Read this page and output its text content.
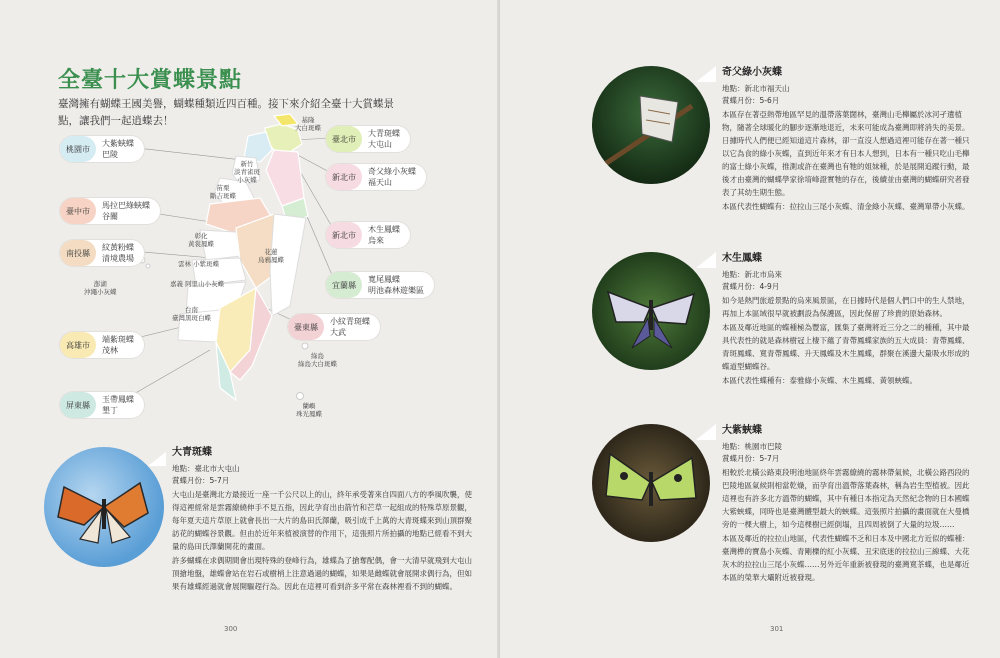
全臺十大賞蝶景點
臺灣擁有蝴蝶王國美譽，蝴蝶種類近四百種。接下來介紹全臺十大賞蝶景點，讓我們一起逍蝶去！	基隆
大白斑蝶
新竹
淡青雀斑
小灰蝶
苗栗
斷吉斑蝶
彰化
黃裳鳳蝶
雲林 小紫斑蝶
花蓮
烏鴉鳳蝶
嘉義 阿里山小灰蝶
台南
臺灣黑斑白蝶
澎湖
沖繩小灰蝶
綠島
綠島大白斑蝶
蘭嶼
珠光鳳蝶
桃園市
大紫蛺蝶
巴陵
臺中市
馬拉巴綠蛺蝶
谷關
南投縣
紋黃粉蝶
清境農場
高雄市
端紫斑蝶
茂林
屏東縣
玉帶鳳蝶
墾丁
臺北市
大青斑蝶
大屯山
新北市
奇父綠小灰蝶
福天山
新北市
木生鳳蝶
烏來
宜蘭縣
寬尾鳳蝶
明池森林遊樂區
臺東縣
小紋青斑蝶
大武
大青斑蝶
地點：臺北市大屯山
賞蝶月份：5-7月

大屯山是臺灣北方最接近一座一千公尺以上的山，終年承受著來自四面八方的季風吹襲，使得這裡經常是雲霧繚繞伸手不見五指，因此孕育出由箭竹和芒草一起組成的特殊草原景觀，每年夏天這片草原上就會長出一大片的島田氏澤蘭，吸引成千上萬的大青斑蝶來到山頂群聚訪花的蝴蝶谷景觀。但由於近年來植被演替的作用下，這張照片所拍攝的地點已經看不到大量的島田氏澤蘭開花的畫面。

許多蝴蝶在求偶期間會出現特殊的登峰行為，雄蝶為了搶奪配偶，會一大清早就飛到大屯山頂搶地盤，雄蝶會站在岩石或樹梢上注意過過的蝴蝶，如果是雌蝶就會展開求偶行為，但如果有雄蝶經過就會展開驅趕行為。因此在這裡可看到許多平常在森林裡看不到的蝴蝶。

300
奇父綠小灰蝶
地點：新北市福天山
賞蝶月份：5-6月

本區存在著亞熱帶地區罕見的溫帶落葉闊林，臺灣山毛櫸屬於冰河孑遺植物，隨著全球暖化的腳步逐漸地退近，未來可能成為臺灣即將消失的美景。日據時代人們便已經知道這片森林，卻一直沒人想過這裡可能存在著一種只以它為食的綠小灰蝶，直到近年來才有日本人想到，日本有一種只吃山毛櫸的富士綠小灰蝶，推測或許在臺灣也有牠的姐妹種，於是展開追蹤行動，最後才由臺灣的蝴蝶學家徐堉峰證實牠的存在，後續並由臺灣的蝴蝶研究者發表了其幼生期生態。

本區代表性蝴蝶有：拉拉山三尾小灰蝶、清金綠小灰蝶、臺灣單帶小灰蝶。

木生鳳蝶
地點：新北市烏來
賞蝶月份：4-9月

如今是熱門旅遊景點的烏來風景區，在日據時代是個人們口中的生人禁地，再加上本區域很早就被劃設為保護區，因此保留了珍貴的原始森林。

本區及鄰近地區的蝶種極為豐富，匯集了臺灣將近三分之二的種種，其中最具代表性的就是森林樹冠上棲下蘊了青帶鳳蝶家族的五大成員：青帶鳳蝶、青斑鳳蝶、寬青帶鳳蝶、升天鳳蝶及木生鳳蝶，群聚在溪邊大量吸水形成的蝶道型蝴蝶谷。

本區代表性蝶種有：泰雅綠小灰蝶、木生鳳蝶、黃領蛺蝶。

大紫蛺蝶
地點：桃園市巴陵
賞蝶月份：5-7月

相較於北橫公路東段明池地區終年雲霧繚繞的霧林帶氣候，北橫公路西段的巴陵地區氣候則相當乾燥，而孕育出溫帶落葉森林，稱為岩生型植被。因此這裡也有許多北方溫帶的蝴蝶，其中有種日本指定為天然紀念物的日本國蝶大紫蛺蝶，同時也是臺灣體型最大的蛺蝶。這張照片拍攝的畫面就在大曼橋旁的一棵大樹上，如今這棵樹已經倒塌，且四周被倒了大量的垃圾……

本區及鄰近的拉拉山地區，代表性蝴蝶不乏和日本及中國北方近似的蝶種：臺灣榫的寶島小灰蝶、青剛櫟的紅小灰蝶、丑宋底迷的拉拉山三線蝶、大花灰木的拉拉山三尾小灰蝶……另外近年重新被發現的臺灣寬茶蝶，也是鄰近本區的榮華大壩附近被發現。

301
